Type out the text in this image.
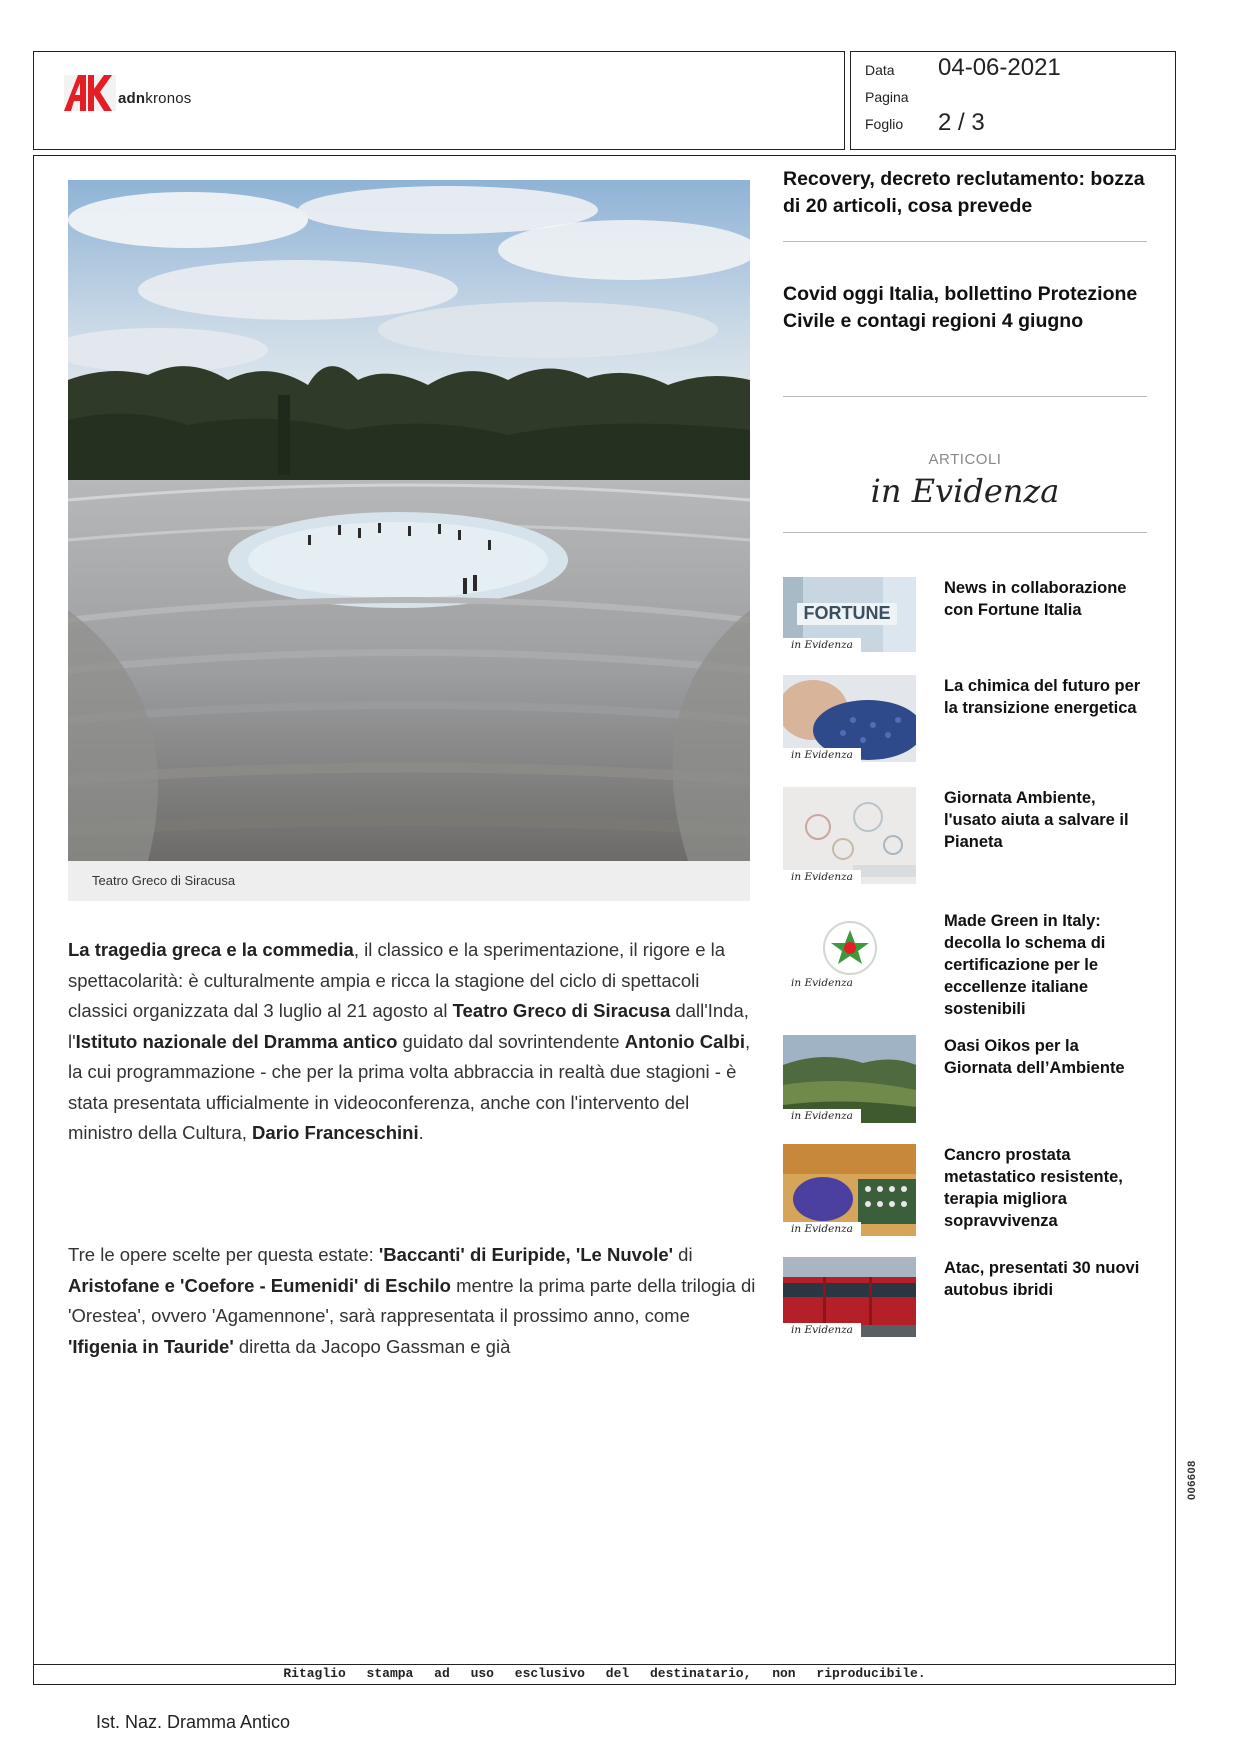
adnkronos
Data 04-06-2021
Pagina
Foglio 2 / 3
Teatro Greco di Siracusa
La tragedia greca e la commedia, il classico e la sperimentazione, il rigore e la spettacolarità: è culturalmente ampia e ricca la stagione del ciclo di spettacoli classici organizzata dal 3 luglio al 21 agosto al Teatro Greco di Siracusa dall'Inda, l'Istituto nazionale del Dramma antico guidato dal sovrintendente Antonio Calbi, la cui programmazione - che per la prima volta abbraccia in realtà due stagioni - è stata presentata ufficialmente in videoconferenza, anche con l'intervento del ministro della Cultura, Dario Franceschini.
Tre le opere scelte per questa estate: 'Baccanti' di Euripide, 'Le Nuvole' di Aristofane e 'Coefore - Eumenidi' di Eschilo mentre la prima parte della trilogia di 'Orestea', ovvero 'Agamennone', sarà rappresentata il prossimo anno, come 'Ifigenia in Tauride' diretta da Jacopo Gassman e già
Recovery, decreto reclutamento: bozza di 20 articoli, cosa prevede
Covid oggi Italia, bollettino Protezione Civile e contagi regioni 4 giugno
ARTICOLI
in Evidenza
FORTUNE
in Evidenza
News in collaborazione con Fortune Italia
in Evidenza
La chimica del futuro per la transizione energetica
in Evidenza
Giornata Ambiente, l'usato aiuta a salvare il Pianeta
in Evidenza
Made Green in Italy: decolla lo schema di certificazione per le eccellenze italiane sostenibili
in Evidenza
Oasi Oikos per la Giornata dell’Ambiente
in Evidenza
Cancro prostata metastatico resistente, terapia migliora sopravvivenza
in Evidenza
Atac, presentati 30 nuovi autobus ibridi
006608
Ritaglio stampa ad uso esclusivo del destinatario, non riproducibile.
Ist. Naz. Dramma Antico
